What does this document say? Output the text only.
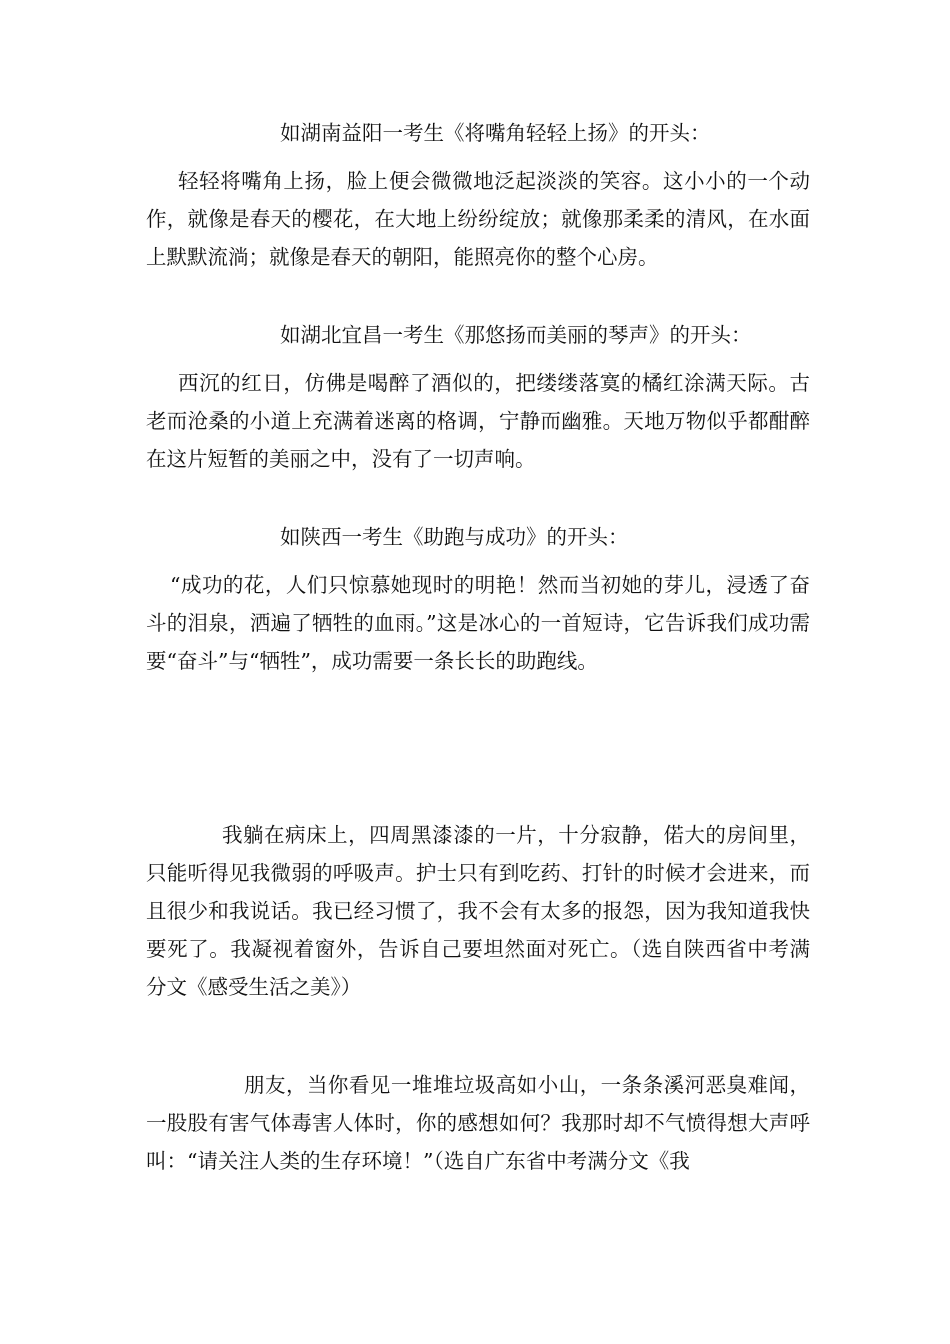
如湖南益阳一考生《将嘴角轻轻上扬》的开头：

轻轻将嘴角上扬，脸上便会微微地泛起淡淡的笑容。这小小的一个动作，就像是春天的樱花，在大地上纷纷绽放；就像那柔柔的清风，在水面上默默流淌；就像是春天的朝阳，能照亮你的整个心房。

如湖北宜昌一考生《那悠扬而美丽的琴声》的开头：

西沉的红日，仿佛是喝醉了酒似的，把缕缕落寞的橘红涂满天际。古老而沧桑的小道上充满着迷离的格调，宁静而幽雅。天地万物似乎都酣醉在这片短暂的美丽之中，没有了一切声响。

如陕西一考生《助跑与成功》的开头：

“成功的花，人们只惊慕她现时的明艳！然而当初她的芽儿，浸透了奋斗的泪泉，洒遍了牺牲的血雨。”这是冰心的一首短诗，它告诉我们成功需要“奋斗”与“牺牲”，成功需要一条长长的助跑线。

我躺在病床上，四周黑漆漆的一片，十分寂静，偌大的房间里，只能听得见我微弱的呼吸声。护士只有到吃药、打针的时候才会进来，而且很少和我说话。我已经习惯了，我不会有太多的报怨，因为我知道我快要死了。我凝视着窗外，告诉自己要坦然面对死亡。（选自陕西省中考满分文《感受生活之美》）

朋友，当你看见一堆堆垃圾高如小山，一条条溪河恶臭难闻，一股股有害气体毒害人体时，你的感想如何？我那时却不气愤得想大声呼叫：“请关注人类的生存环境！”（选自广东省中考满分文《我
